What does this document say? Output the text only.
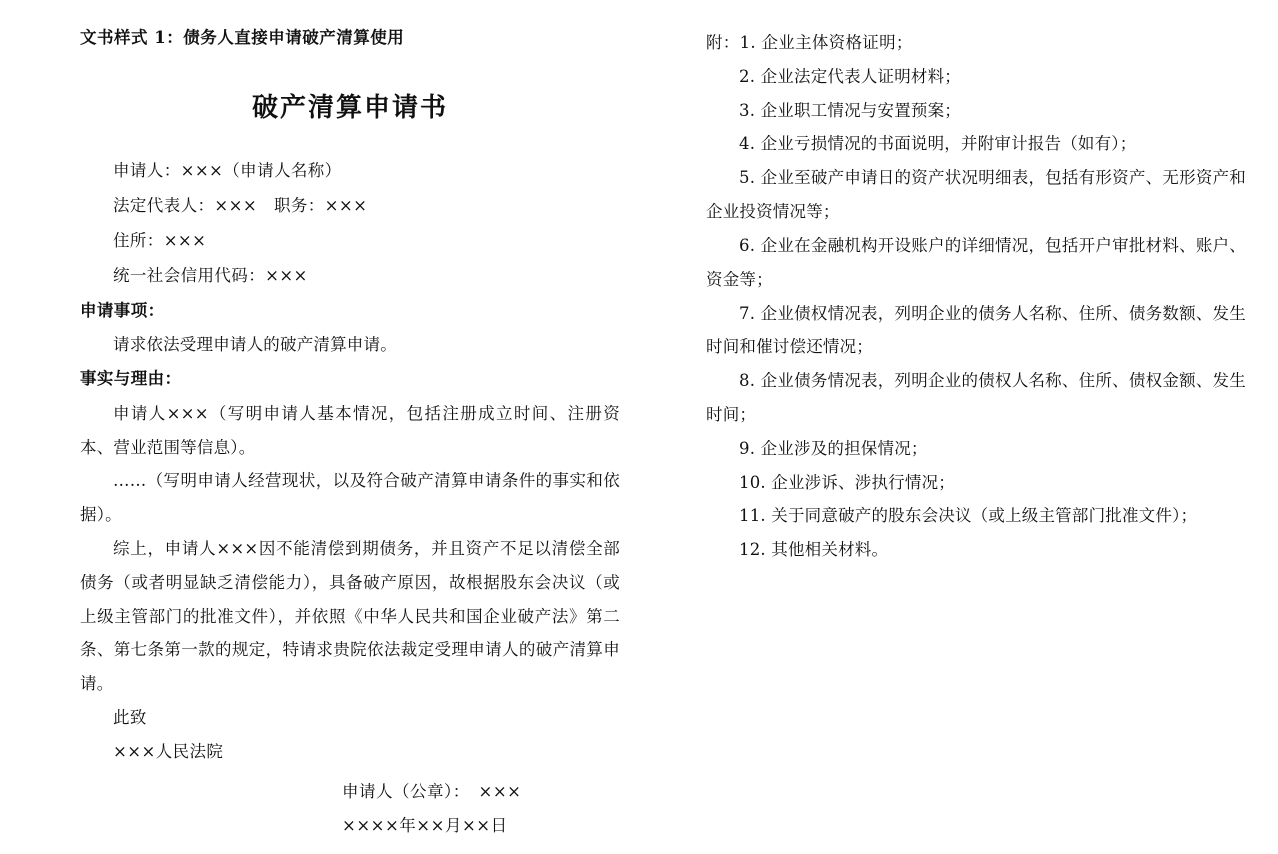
文书样式 1：债务人直接申请破产清算使用

破产清算申请书

申请人：×××（申请人名称）

法定代表人：×××　职务：×××

住所：×××

统一社会信用代码：×××

申请事项：

请求依法受理申请人的破产清算申请。

事实与理由：

申请人×××（写明申请人基本情况，包括注册成立时间、注册资本、营业范围等信息）。

……（写明申请人经营现状，以及符合破产清算申请条件的事实和依据）。

综上，申请人×××因不能清偿到期债务，并且资产不足以清偿全部债务（或者明显缺乏清偿能力），具备破产原因，故根据股东会决议（或上级主管部门的批准文件），并依照《中华人民共和国企业破产法》第二条、第七条第一款的规定，特请求贵院依法裁定受理申请人的破产清算申请。

此致

×××人民法院

申请人（公章）：　×××

××××年××月××日

附：1. 企业主体资格证明；

2. 企业法定代表人证明材料；

3. 企业职工情况与安置预案；

4. 企业亏损情况的书面说明，并附审计报告（如有）；

5. 企业至破产申请日的资产状况明细表，包括有形资产、无形资产和企业投资情况等；

6. 企业在金融机构开设账户的详细情况，包括开户审批材料、账户、资金等；

7. 企业债权情况表，列明企业的债务人名称、住所、债务数额、发生时间和催讨偿还情况；

8. 企业债务情况表，列明企业的债权人名称、住所、债权金额、发生时间；

9. 企业涉及的担保情况；

10. 企业涉诉、涉执行情况；

11. 关于同意破产的股东会决议（或上级主管部门批准文件）；

12. 其他相关材料。
